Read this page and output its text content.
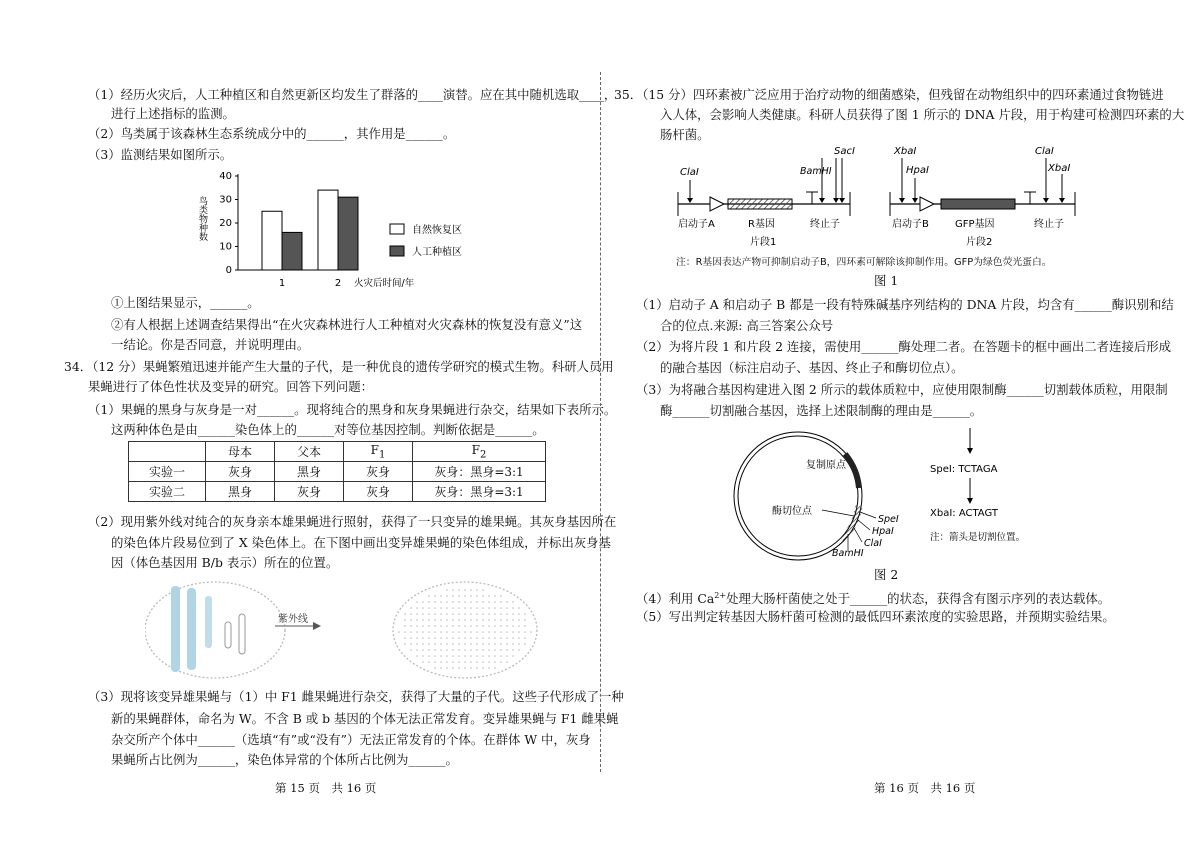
（1）经历火灾后，人工种植区和自然更新区均发生了群落的____演替。应在其中随机选取____，
进行上述指标的监测。
（2）鸟类属于该森林生态系统成分中的______，其作用是______。
（3）监测结果如图所示。
0
10
20
30
40
鸟类物种数
1	2 火灾后时间/年
自然恢复区
人工种植区
①上图结果显示，______。
②有人根据上述调查结果得出“在火灾森林进行人工种植对火灾森林的恢复没有意义”这
一结论。你是否同意，并说明理由。
34．（12 分）果蝇繁殖迅速并能产生大量的子代，是一种优良的遗传学研究的模式生物。科研人员用
果蝇进行了体色性状及变异的研究。回答下列问题：
（1）果蝇的黑身与灰身是一对______。现将纯合的黑身和灰身果蝇进行杂交，结果如下表所示。
这两种体色是由______染色体上的______对等位基因控制。判断依据是______。
	母本	父本	$F_1$	$F_2$
实验一	灰身	黑身	灰身	灰身：黑身=3:1
实验二	黑身	灰身	灰身	灰身：黑身=3:1
（2）现用紫外线对纯合的灰身亲本雄果蝇进行照射，获得了一只变异的雄果蝇。其灰身基因所在
的染色体片段易位到了 X 染色体上。在下图中画出变异雄果蝇的染色体组成，并标出灰身基
因（体色基因用 B/b 表示）所在的位置。
紫外线
（3）现将该变异雄果蝇与（1）中 F1 雌果蝇进行杂交，获得了大量的子代。这些子代形成了一种
新的果蝇群体，命名为 W。不含 B 或 b 基因的个体无法正常发育。变异雄果蝇与 F1 雌果蝇
杂交所产个体中______（选填“有”或“没有”）无法正常发育的个体。在群体 W 中，灰身
果蝇所占比例为______，染色体异常的个体所占比例为______。
第 15 页　共 16 页
35．（15 分）四环素被广泛应用于治疗动物的细菌感染，但残留在动物组织中的四环素通过食物链进
入人体，会影响人类健康。科研人员获得了图 1 所示的 DNA 片段，用于构建可检测四环素的大
肠杆菌。
ClaⅠ	BamHⅠ
SacⅠ
启动子A	R基因	终止子
片段1
XbaⅠ
HpaⅠ
ClaⅠ
XbaⅠ
启动子B	GFP基因	终止子
片段2
注：R基因表达产物可抑制启动子B，四环素可解除该抑制作用。GFP为绿色荧光蛋白。
图 1
（1）启动子 A 和启动子 B 都是一段有特殊碱基序列结构的 DNA 片段，均含有______酶识别和结
合的位点.来源: 高三答案公众号
（2）为将片段 1 和片段 2 连接，需使用______酶处理二者。在答题卡的框中画出二者连接后形成
的融合基因（标注启动子、基因、终止子和酶切位点）。
（3）为将融合基因构建进入图 2 所示的载体质粒中，应使用限制酶______切割载体质粒，用限制
酶______切割融合基因，选择上述限制酶的理由是______。
复制原点
酶切位点
SpeⅠ
HpaⅠ
ClaⅠ
BamHⅠ
SpeⅠ: TCTAGA
XbaⅠ: ACTAGT
注：箭头是切割位置。
图 2
（4）利用 $Ca^{2+}$处理大肠杆菌使之处于______的状态，获得含有图示序列的表达载体。
（5）写出判定转基因大肠杆菌可检测的最低四环素浓度的实验思路，并预期实验结果。
第 16 页　共 16 页
